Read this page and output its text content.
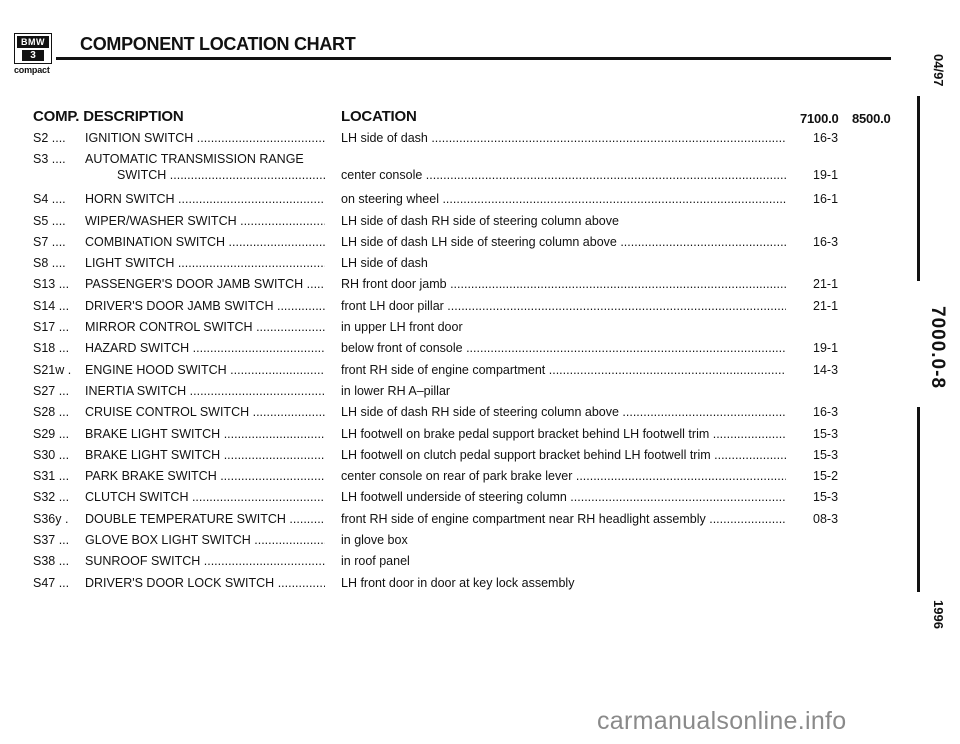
BMW
3
compact
COMPONENT LOCATION CHART
COMP. DESCRIPTION	LOCATION	7100.0 8500.0
S2 ....	IGNITION SWITCH .....	LH side of dash .....	16-3
S3 ....	AUTOMATIC TRANSMISSION RANGE
SWITCH .....	center console .....	19-1
S4 ....	HORN SWITCH .....	on steering wheel .....	16-1
S5 ....	WIPER/WASHER SWITCH .....	LH side of dash RH side of steering column above
S7 ....	COMBINATION SWITCH .....	LH side of dash LH side of steering column above .....	16-3
S8 ....	LIGHT SWITCH .....	LH side of dash
S13 ...	PASSENGER'S DOOR JAMB SWITCH .....	RH front door jamb .....	21-1
S14 ...	DRIVER'S DOOR JAMB SWITCH .....	front LH door pillar .....	21-1
S17 ...	MIRROR CONTROL SWITCH .....	in upper LH front door
S18 ...	HAZARD SWITCH .....	below front of console .....	19-1
S21w .	ENGINE HOOD SWITCH .....	front RH side of engine compartment .....	14-3
S27 ...	INERTIA SWITCH .....	in lower RH A–pillar
S28 ...	CRUISE CONTROL SWITCH .....	LH side of dash RH side of steering column above .....	16-3
S29 ...	BRAKE LIGHT SWITCH .....	LH footwell on brake pedal support bracket behind LH footwell trim .....	15-3
S30 ...	BRAKE LIGHT SWITCH .....	LH footwell on clutch pedal support bracket behind LH footwell trim .....	15-3
S31 ...	PARK BRAKE SWITCH .....	center console on rear of park brake lever .....	15-2
S32 ...	CLUTCH SWITCH .....	LH footwell underside of steering column .....	15-3
S36y .	DOUBLE TEMPERATURE SWITCH .....	front RH side of engine compartment near RH headlight assembly .....	08-3
S37 ...	GLOVE BOX LIGHT SWITCH .....	in glove box
S38 ...	SUNROOF SWITCH .....	in roof panel
S47 ...	DRIVER'S DOOR LOCK SWITCH .....	LH front door in door at key lock assembly
04/97
7000.0-8
1996
carmanualsonline.info
